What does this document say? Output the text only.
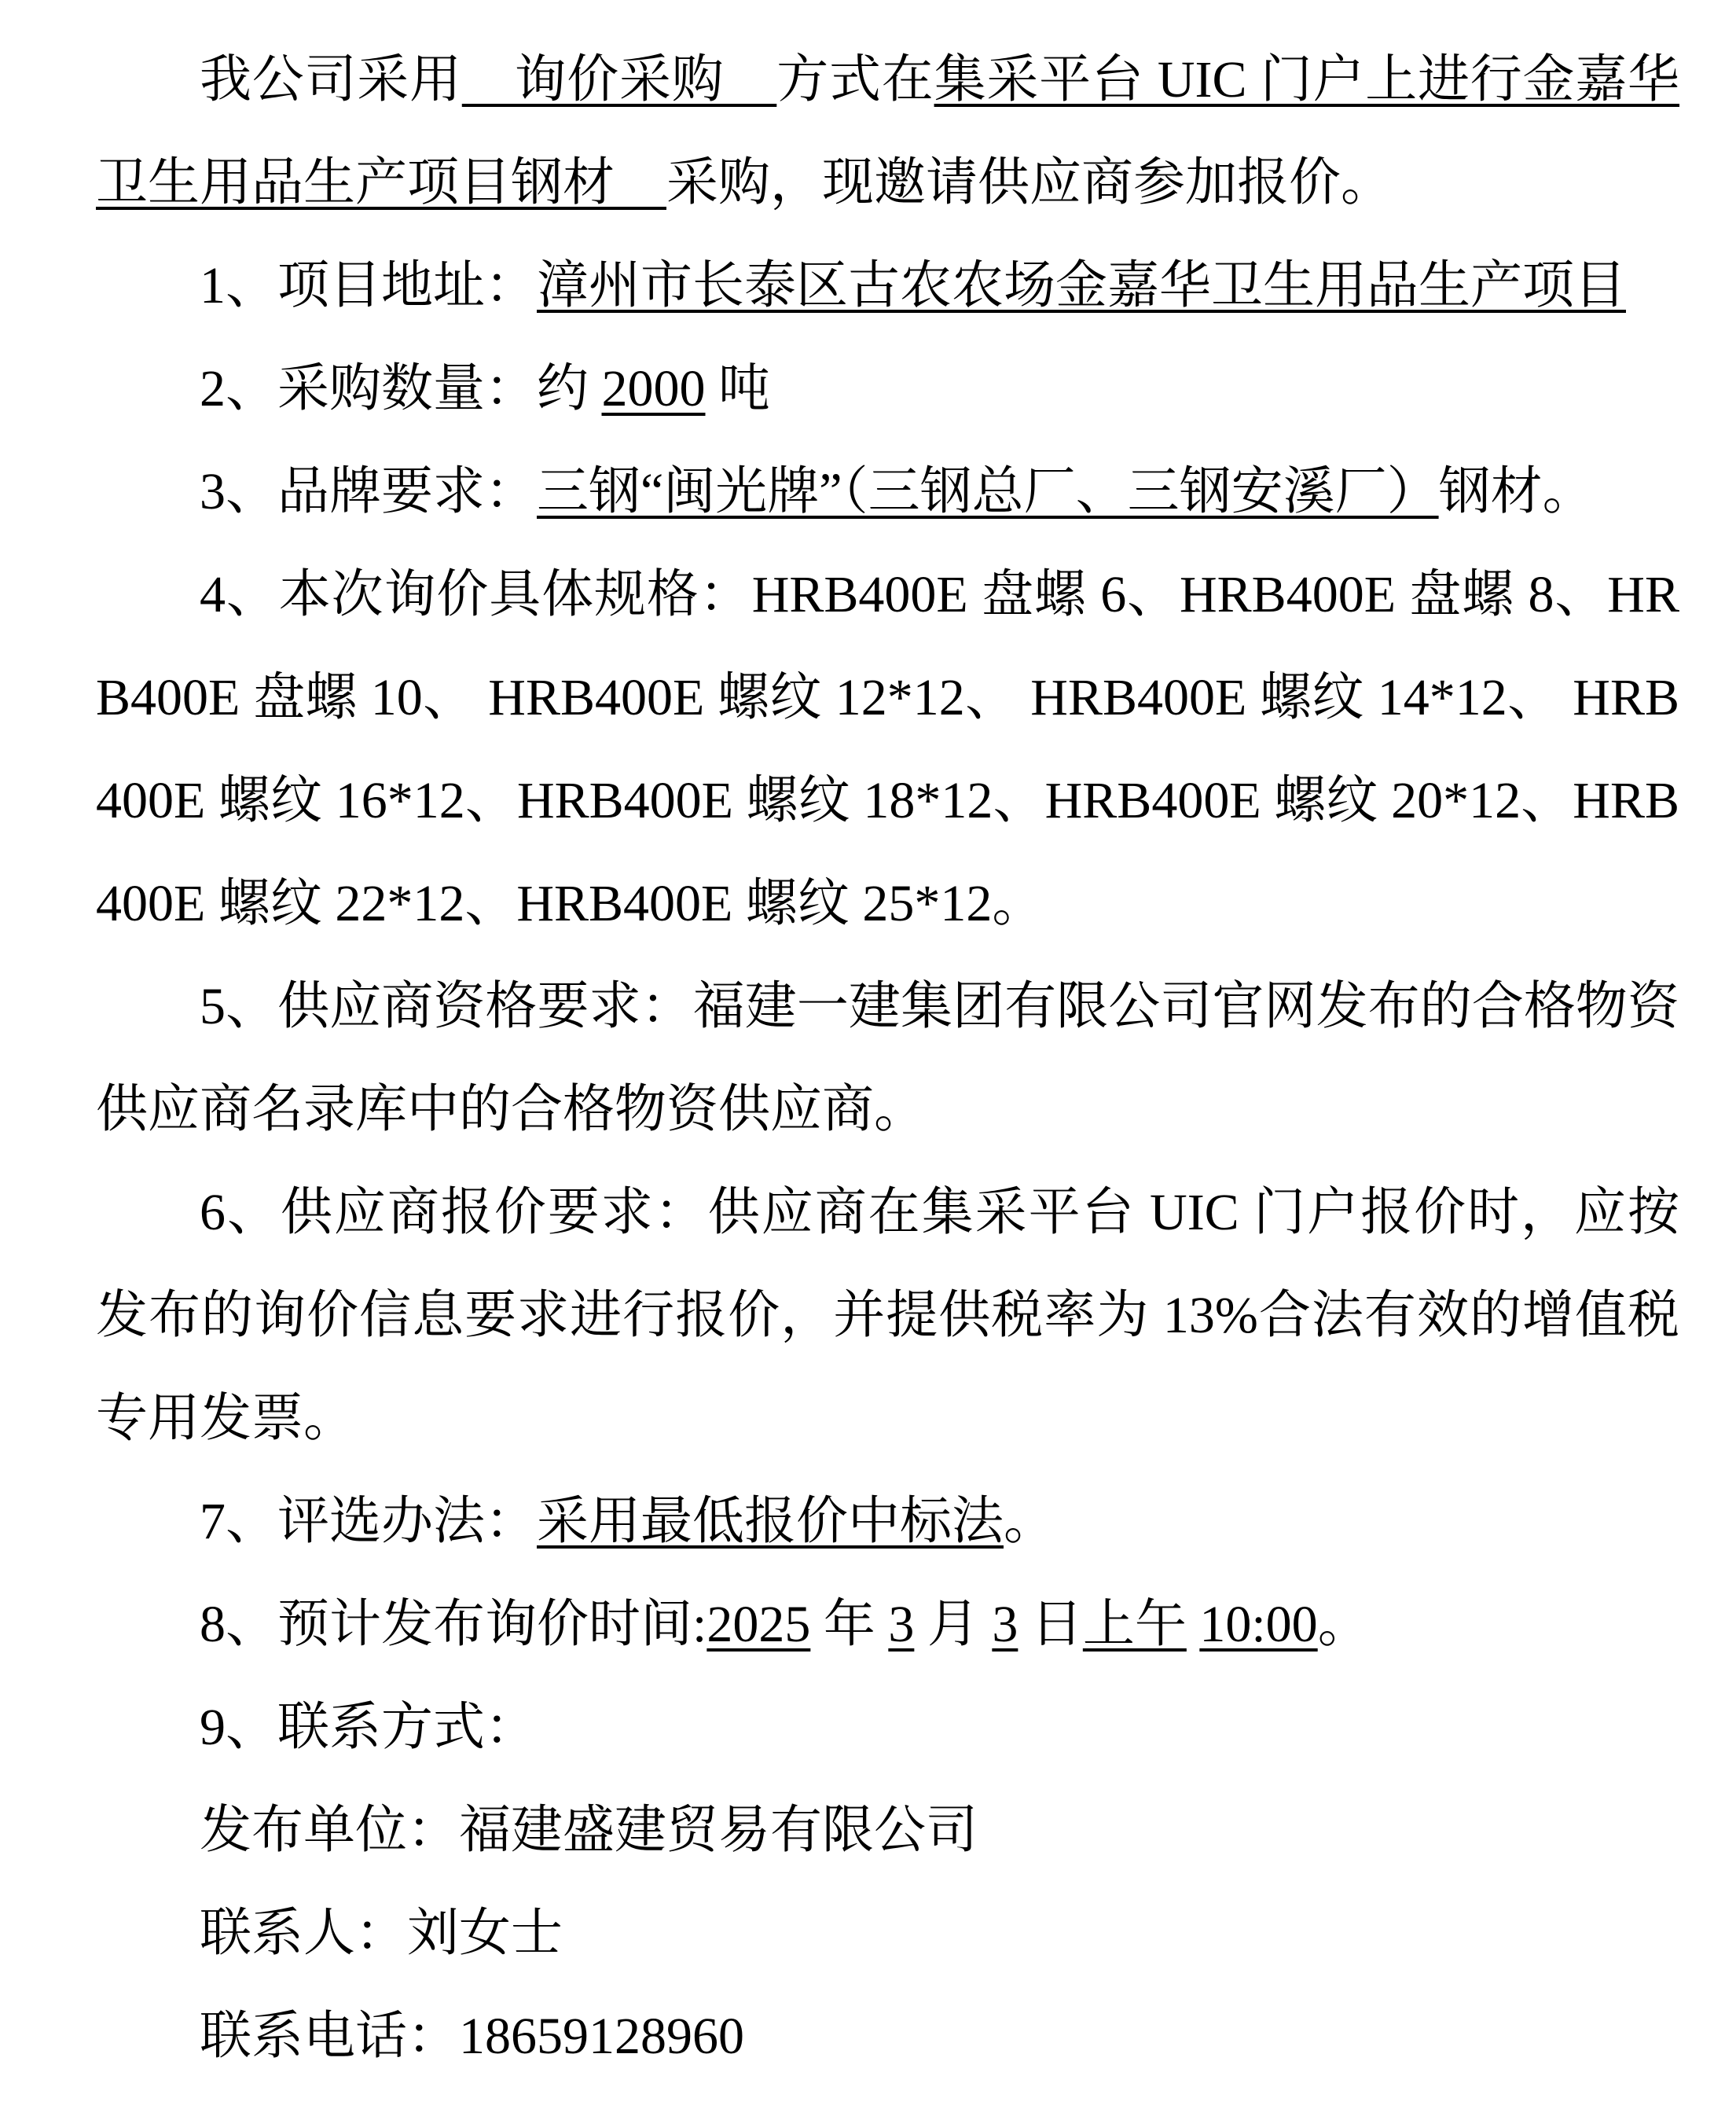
我公司采用　询价采购　方式在集采平台 UIC 门户上进行金嘉华卫生用品生产项目钢材　采购，现邀请供应商参加报价。

1、项目地址：漳州市长泰区古农农场金嘉华卫生用品生产项目

2、采购数量：约 2000 吨

3、品牌要求：三钢“闽光牌”（三钢总厂、三钢安溪厂）钢材。

4、本次询价具体规格：HRB400E 盘螺 6、HRB400E 盘螺 8、HRB400E 盘螺 10、 HRB400E 螺纹 12*12、 HRB400E 螺纹 14*12、 HRB400E 螺纹 16*12、HRB400E 螺纹 18*12、HRB400E 螺纹 20*12、HRB400E 螺纹 22*12、HRB400E 螺纹 25*12。

5、供应商资格要求：福建一建集团有限公司官网发布的合格物资供应商名录库中的合格物资供应商。

6、供应商报价要求：供应商在集采平台 UIC 门户报价时，应按发布的询价信息要求进行报价，并提供税率为 13%合法有效的增值税专用发票。

7、评选办法：采用最低报价中标法。

8、预计发布询价时间:2025 年 3 月 3 日上午 10:00。

9、联系方式：

发布单位：福建盛建贸易有限公司

联系人：刘女士

联系电话：18659128960
